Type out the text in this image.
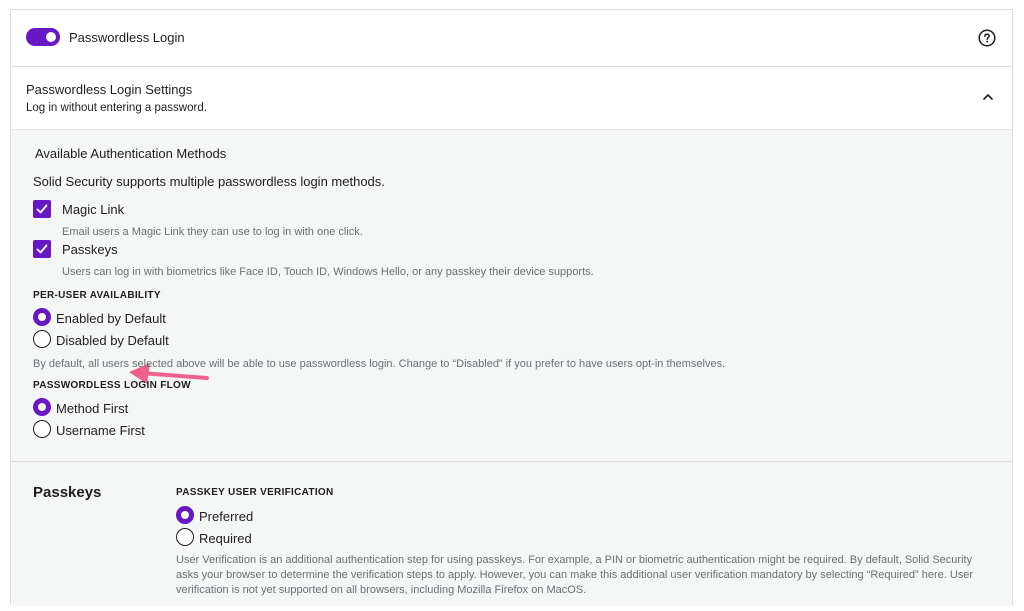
Passwordless Login
Passwordless Login Settings
Log in without entering a password.
Available Authentication Methods
Solid Security supports multiple passwordless login methods.
Magic Link
Email users a Magic Link they can use to log in with one click.
Passkeys
Users can log in with biometrics like Face ID, Touch ID, Windows Hello, or any passkey their device supports.
PER-USER AVAILABILITY
Enabled by Default
Disabled by Default
By default, all users selected above will be able to use passwordless login. Change to “Disabled” if you prefer to have users opt-in themselves.
PASSWORDLESS LOGIN FLOW
Method First
Username First
Passkeys	PASSKEY USER VERIFICATION
Preferred
Required
User Verification is an additional authentication step for using passkeys. For example, a PIN or biometric authentication might be required. By default, Solid Security asks your browser to determine the verification steps to apply. However, you can make this additional user verification mandatory by selecting “Required” here. User verification is not yet supported on all browsers, including Mozilla Firefox on MacOS.
